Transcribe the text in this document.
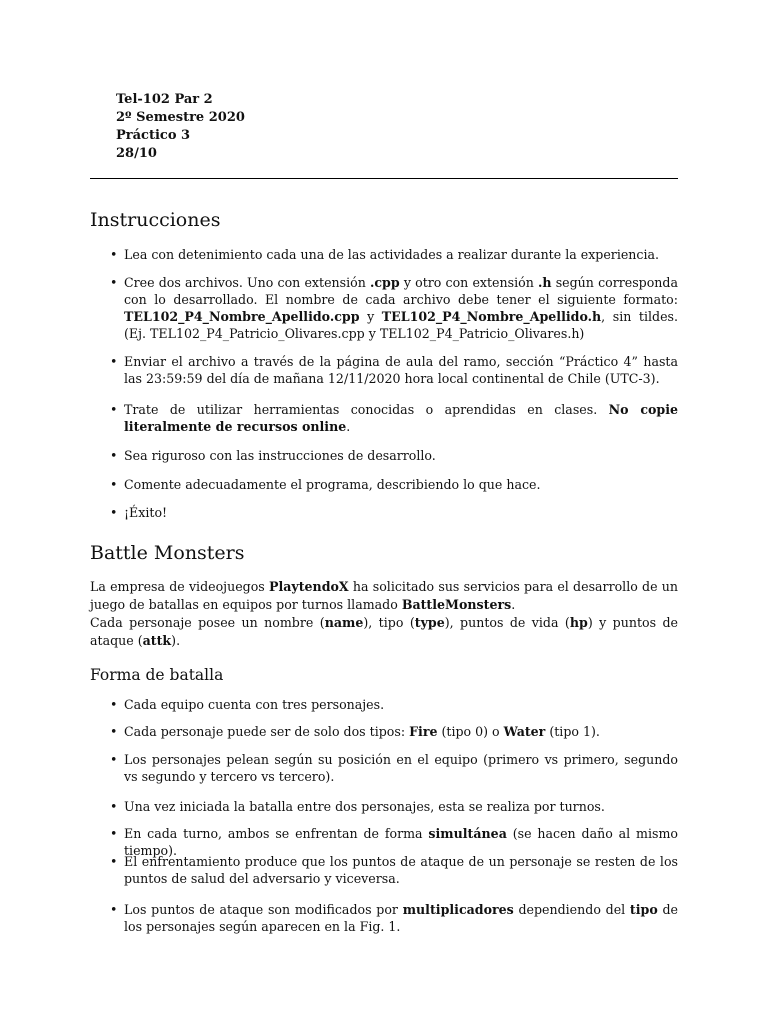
Tel-102 Par 2
2º Semestre 2020
Práctico 3
28/10
Instrucciones
• Lea con detenimiento cada una de las actividades a realizar durante la experiencia.
• Cree dos archivos. Uno con extensión .cpp y otro con extensión .h según corresponda con lo desarrollado. El nombre de cada archivo debe tener el siguiente formato: TEL102_P4_Nombre_Apellido.cpp y TEL102_P4_Nombre_Apellido.h, sin tildes. (Ej. TEL102_P4_Patricio_Olivares.cpp y TEL102_P4_Patricio_Olivares.h)
• Enviar el archivo a través de la página de aula del ramo, sección “Práctico 4” hasta las 23:59:59 del día de mañana 12/11/2020 hora local continental de Chile (UTC-3).
• Trate de utilizar herramientas conocidas o aprendidas en clases. No copie literalmente de recursos online.
• Sea riguroso con las instrucciones de desarrollo.
• Comente adecuadamente el programa, describiendo lo que hace.
• ¡Éxito!
Battle Monsters
La empresa de videojuegos PlaytendoX ha solicitado sus servicios para el desarrollo de un juego de batallas en equipos por turnos llamado BattleMonsters.
Cada personaje posee un nombre (name), tipo (type), puntos de vida (hp) y puntos de ataque (attk).
Forma de batalla
• Cada equipo cuenta con tres personajes.
• Cada personaje puede ser de solo dos tipos: Fire (tipo 0) o Water (tipo 1).
• Los personajes pelean según su posición en el equipo (primero vs primero, segundo vs segundo y tercero vs tercero).
• Una vez iniciada la batalla entre dos personajes, esta se realiza por turnos.
• En cada turno, ambos se enfrentan de forma simultánea (se hacen daño al mismo tiempo).
• El enfrentamiento produce que los puntos de ataque de un personaje se resten de los puntos de salud del adversario y viceversa.
• Los puntos de ataque son modificados por multiplicadores dependiendo del tipo de los personajes según aparecen en la Fig. 1.
